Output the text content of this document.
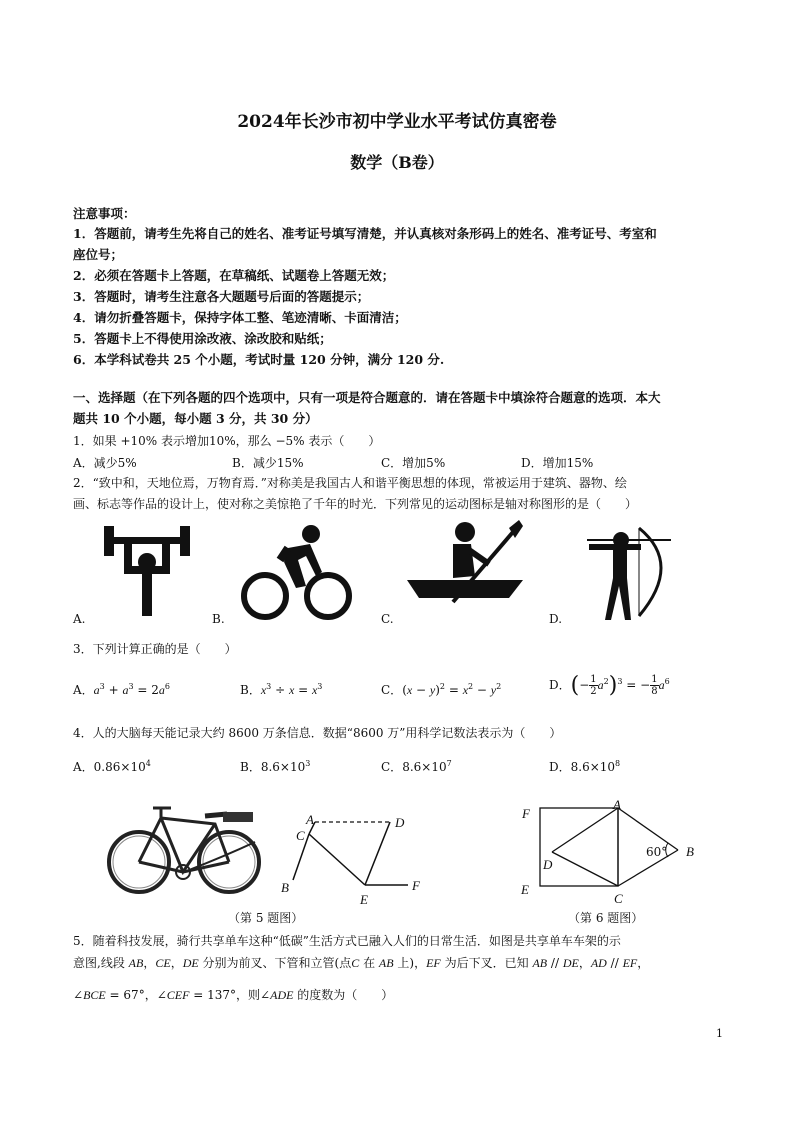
2024年长沙市初中学业水平考试仿真密卷
数学（B卷）
注意事项：
1．答题前，请考生先将自己的姓名、准考证号填写清楚，并认真核对条形码上的姓名、准考证号、考室和
座位号；
2．必须在答题卡上答题，在草稿纸、试题卷上答题无效；
3．答题时，请考生注意各大题题号后面的答题提示；
4．请勿折叠答题卡，保持字体工整、笔迹清晰、卡面清洁；
5．答题卡上不得使用涂改液、涂改胶和贴纸；
6．本学科试卷共 25 个小题，考试时量 120 分钟，满分 120 分.
一、选择题（在下列各题的四个选项中，只有一项是符合题意的．请在答题卡中填涂符合题意的选项．本大
题共 10 个小题，每小题 3 分，共 30 分）
1．如果 +10% 表示增加10%，那么 −5% 表示（　　）
A．减少5%	B．减少15%	C．增加5%	D．增加15%
2．“致中和，天地位焉，万物育焉．”对称美是我国古人和谐平衡思想的体现，常被运用于建筑、器物、绘
画、标志等作品的设计上，使对称之美惊艳了千年的时光．下列常见的运动图标是轴对称图形的是（　　）
A.	B.	C.	D.
3．下列计算正确的是（　　）
A．$a^3 + a^3 = 2a^6$	B．$x^3 \div x = x^3$	C．$(x - y)^2 = x^2 - y^2$	D．(− $\frac{1}{2} a^2)^3$ = − $\frac{1}{8} a^6$
4．人的大脑每天能记录大约 8600 万条信息．数据“8600 万”用科学记数法表示为（　　）
A．$0.86\times 10^4$	B．$8.6\times 10^3$	C．$8.6\times 10^7$	D．$8.6\times 10^8$
A
C
D
B
E
F
（第 5 题图）
A
F
D
B
E
C
60°
（第 6 题图）
5．随着科技发展，骑行共享单车这种“低碳”生活方式已融入人们的日常生活．如图是共享单车车架的示
意图,线段 AB，CE，DE 分别为前叉、下管和立管(点C 在 AB 上)，EF 为后下叉．已知 AB // DE，AD // EF，
∠BCE = 67°，∠CEF = 137°，则∠ADE 的度数为（　　）
1
